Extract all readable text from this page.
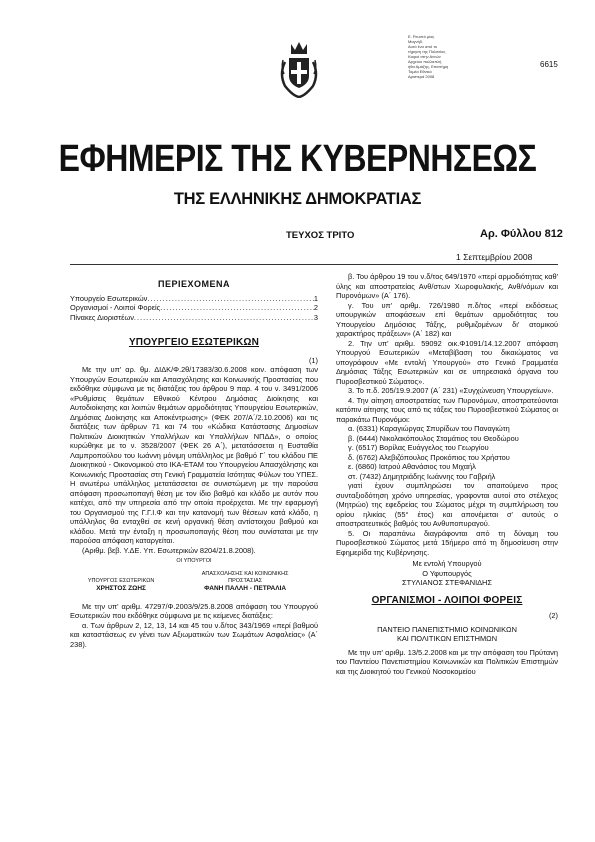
Ε. Ρευστό μίας
Μαγνήδ.
Αυτό ένα από το
τήρηση της Πολιτείας
Καιροί στην Αντών
Αρχείου πολλαπλή
ήθα Αμάξης, Επιστήμη
Τομέα Εθνικό
Αριστερά 2008
6615
ΕΦΗΜΕΡΙΣ ΤΗΣ ΚΥΒΕΡΝΗΣΕΩΣ
ΤΗΣ ΕΛΛΗΝΙΚΗΣ ΔΗΜΟΚΡΑΤΙΑΣ
ΤΕΥΧΟΣ ΤΡΙΤΟ	Αρ. Φύλλου 812
1 Σεπτεμβρίου 2008
ΠΕΡΙΕΧΟΜΕΝΑ
Υπουργείο Εσωτερικών .....	1
Οργανισμοί - Λοιποί Φορείς .....	2
Πίνακες Διοριστέων .....	3
ΥΠΟΥΡΓΕΙΟ ΕΣΩΤΕΡΙΚΩΝ
(1)

Με την υπ' αρ. θμ. ΔΙΔΚ/Φ.2θ/17383/30.6.2008 κοιν. απόφαση των Υπουργών Εσωτερικών και Απασχόλησης και Κοινωνικής Προστασίας που εκδόθηκε σύμφωνα με τις διατάξεις του άρθρου 9 παρ. 4 του ν. 3491/2006 «Ρυθμίσεις θεμάτων Εθνικού Κέντρου Δημόσιας Διοίκησης και Αυτοδιοίκησης και λοιπών θεμάτων αρμοδιότητας Υπουργείου Εσωτερικών, Δημόσιας Διοίκησης και Αποκέντρωσης» (ΦΕΚ 207/Α΄/2.10.2006) και τις διατάξεις των άρθρων 71 και 74 του «Κώδικα Κατάστασης Δημοσίων Πολιτικών Διοικητικών Υπαλλήλων και Υπαλλήλων ΝΠΔΔ», ο οποίος κυρώθηκε με το ν. 3528/2007 (ΦΕΚ 26 Α΄), μετατάσσεται η Ευσταθία Λαμπροπούλου του Ιωάννη μόνιμη υπάλληλος με βαθμό Γ΄ του κλάδου ΠΕ Διοικητικού - Οικονομικού στο ΙΚΑ-ΕΤΑΜ του Υπουργείου Απασχόλησης και Κοινωνικής Προστασίας στη Γενική Γραμματεία Ισότητας Φύλων του ΥΠΕΣ. Η ανωτέρω υπάλληλος μετατάσσεται σε συνιστώμενη με την παρούσα απόφαση προσωποπαγή θέση με τον ίδιο βαθμό και κλάδο με αυτόν που κατέχει, από την υπηρεσία από την οποία προέρχεται. Με την εφαρμογή του Οργανισμού της Γ.Γ.Ι.Φ και την κατανομή των θέσεων κατά κλάδο, η υπάλληλος θα ενταχθεί σε κενή οργανική θέση αντίστοιχου βαθμού και κλάδου. Μετά την ένταξη η προσωποπαγής θέση που συνίσταται με την παρούσα απόφαση καταργείται.

(Αριθμ. βεβ. Υ.ΔΕ. Υπ. Εσωτερικών 8204/21.8.2008).

ΟΙ ΥΠΟΥΡΓΟΙ
ΥΠΟΥΡΓΟΣ ΕΣΩΤΕΡΙΚΩΝ
ΧΡΗΣΤΟΣ ΖΩΗΣ
ΑΠΑΣΧΟΛΗΣΗΣ ΚΑΙ ΚΟΙΝΩΝΙΚΗΣ ΠΡΟΣΤΑΣΙΑΣ
ΦΑΝΗ ΠΑΛΛΗ - ΠΕΤΡΑΛΙΑ

Με την υπ' αριθμ. 47297/Φ.2003/9/25.8.2008 απόφαση του Υπουργού Εσωτερικών που εκδόθηκε σύμφωνα με τις κείμενες διατάξεις:

α. Των άρθρων 2, 12, 13, 14 και 45 του ν.δ/τος 343/1969 «περί βαθμού και καταστάσεως εν γένει των Αξιωματικών των Σωμάτων Ασφαλείας» (Α΄ 238).

β. Του άρθρου 19 του ν.δ/τος 649/1970 «περί αρμοδιότητας καθ' ύλης και αποστρατείας Ανθ/στων Χωροφυλακής, Ανθ/νόμων και Πυρονόμων» (Α΄ 176).

γ. Του υπ' αριθμ. 726/1980 π.δ/τος «περί εκδόσεως υπουργικών αποφάσεων επί θεμάτων αρμοδιότητας του Υπουργείου Δημόσιας Τάξης, ρυθμιζομένων δι' ατομικού χαρακτήρος πράξεων» (Α΄ 182) και

2. Την υπ' αριθμ. 59092 οικ.Φ1091/14.12.2007 απόφαση Υπουργού Εσωτερικών «Μεταβίβαση του δικαιώματος να υπογράφουν «Με εντολή Υπουργού» στο Γενικό Γραμματέα Δημόσιας Τάξης Εσωτερικών και σε υπηρεσιακά όργανα του Πυροσβεστικού Σώματος».

3. Το π.δ. 205/19.9.2007 (Α΄ 231) «Συγχώνευση Υπουργείων».

4. Την αίτηση αποστρατείας των Πυρονόμων, αποστρατεύονται κατόπιν αίτησης τους από τις τάξεις του Πυροσβεστικού Σώματος οι παρακάτω Πυρονόμοι:

α. (6331) Καραγιώργας Σπυρίδων του Παναγιώτη

β. (6444) Νικολακόπουλος Σταμάτιος του Θεοδώρου

γ. (6517) Βορίλας Ευάγγελος του Γεωργίου

δ. (6762) Αλεβιζόπουλος Προκόπιος του Χρήστου

ε. (6860) Ιατρού Αθανάσιος του Μιχαήλ

στ. (7432) Δημητριάδης Ιωάννης του Γαβριήλ

γιατί έχουν συμπληρώσει τον απαιτούμενο προς συνταξιοδότηση χρόνο υπηρεσίας, γραφονται αυτοί στο στέλεχος (Μητρώο) της εφεδρείας του Σώματος μέχρι τη συμπλήρωση του ορίου ηλικίας (55° έτος) και απονέμεται σ' αυτούς ο αποστρατευτικός βαθμός του Ανθυποπυραγού.

5. Οι παραπάνω διαγράφονται από τη δύναμη του Πυροσβεστικού Σώματος μετά 15ήμερο από τη δημοσίευση στην Εφημερίδα της Κυβέρνησης.

Με εντολή Υπουργού
Ο Υφυπουργός
ΣΤΥΛΙΑΝΟΣ ΣΤΕΦΑΝΙΔΗΣ
ΟΡΓΑΝΙΣΜΟΙ - ΛΟΙΠΟΙ ΦΟΡΕΙΣ
(2)
ΠΑΝΤΕΙΟ ΠΑΝΕΠΙΣΤΗΜΙΟ ΚΟΙΝΩΝΙΚΩΝ ΚΑΙ ΠΟΛΙΤΙΚΩΝ ΕΠΙΣΤΗΜΩΝ

Με την υπ' αριθμ. 13/5.2.2008 και με την απόφαση του Πρύτανη του Παντείου Πανεπιστημίου Κοινωνικών και Πολιτικών Επιστημών και της Διοικητού του Γενικού Νοσοκομείου
